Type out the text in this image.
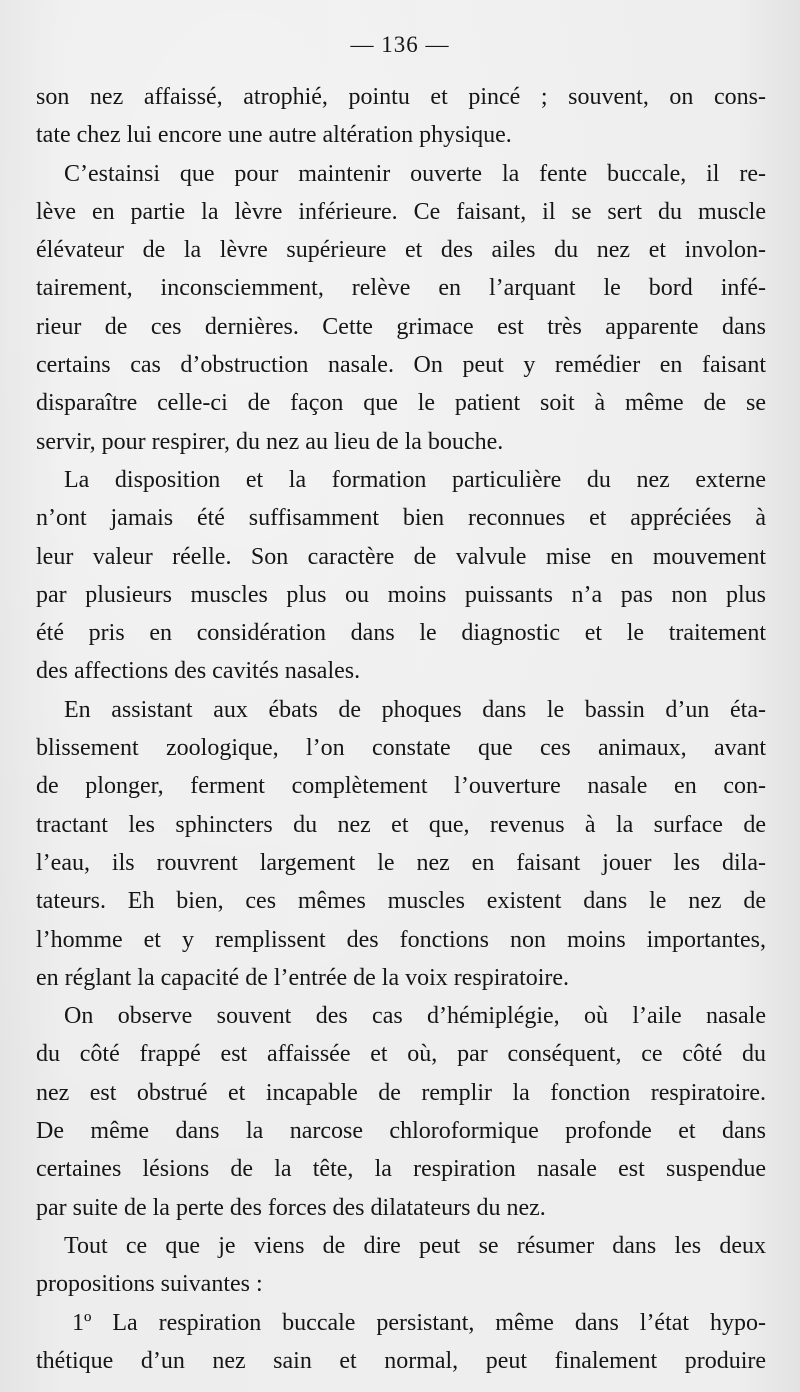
— 136 —
son nez affaissé, atrophié, pointu et pincé ; souvent, on cons-
tate chez lui encore une autre altération physique.
C’estainsi que pour maintenir ouverte la fente buccale, il re-
lève en partie la lèvre inférieure. Ce faisant, il se sert du muscle
élévateur de la lèvre supérieure et des ailes du nez et involon-
tairement, inconsciemment, relève en l’arquant le bord infé-
rieur de ces dernières. Cette grimace est très apparente dans
certains cas d’obstruction nasale. On peut y remédier en faisant
disparaître celle-ci de façon que le patient soit à même de se
servir, pour respirer, du nez au lieu de la bouche.
La disposition et la formation particulière du nez externe
n’ont jamais été suffisamment bien reconnues et appréciées à
leur valeur réelle. Son caractère de valvule mise en mouvement
par plusieurs muscles plus ou moins puissants n’a pas non plus
été pris en considération dans le diagnostic et le traitement
des affections des cavités nasales.
En assistant aux ébats de phoques dans le bassin d’un éta-
blissement zoologique, l’on constate que ces animaux, avant
de plonger, ferment complètement l’ouverture nasale en con-
tractant les sphincters du nez et que, revenus à la surface de
l’eau, ils rouvrent largement le nez en faisant jouer les dila-
tateurs. Eh bien, ces mêmes muscles existent dans le nez de
l’homme et y remplissent des fonctions non moins importantes,
en réglant la capacité de l’entrée de la voix respiratoire.
On observe souvent des cas d’hémiplégie, où l’aile nasale
du côté frappé est affaissée et où, par conséquent, ce côté du
nez est obstrué et incapable de remplir la fonction respiratoire.
De même dans la narcose chloroformique profonde et dans
certaines lésions de la tête, la respiration nasale est suspendue
par suite de la perte des forces des dilatateurs du nez.
Tout ce que je viens de dire peut se résumer dans les deux
propositions suivantes :
1º La respiration buccale persistant, même dans l’état hypo-
thétique d’un nez sain et normal, peut finalement produire
